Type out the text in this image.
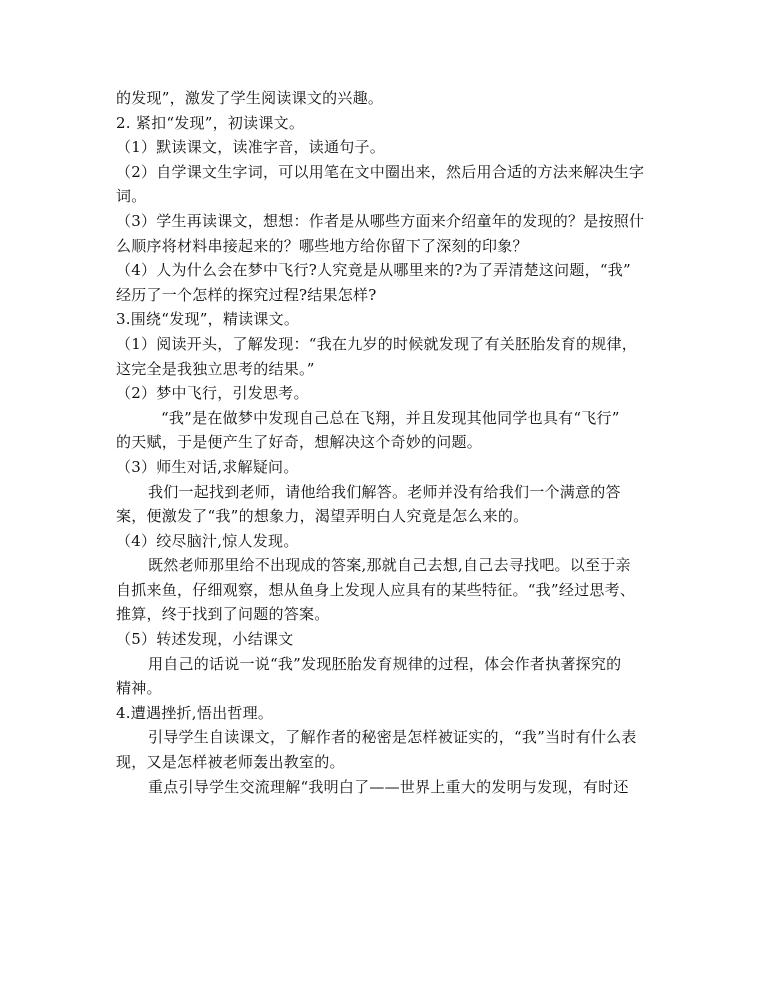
的发现”，激发了学生阅读课文的兴趣。
2. 紧扣“发现”，初读课文。
（1）默读课文，读准字音，读通句子。
（2）自学课文生字词，可以用笔在文中圈出来，然后用合适的方法来解决生字
词。
（3）学生再读课文，想想：作者是从哪些方面来介绍童年的发现的？是按照什
么顺序将材料串接起来的？哪些地方给你留下了深刻的印象？
（4）人为什么会在梦中飞行?人究竟是从哪里来的?为了弄清楚这问题，“我”
经历了一个怎样的探究过程?结果怎样?
3.围绕“发现”，精读课文。
（1）阅读开头，了解发现：“我在九岁的时候就发现了有关胚胎发育的规律，
这完全是我独立思考的结果。”
（2）梦中飞行，引发思考。
“我”是在做梦中发现自己总在飞翔，并且发现其他同学也具有“飞行”
的天赋，于是便产生了好奇，想解决这个奇妙的问题。
（3）师生对话,求解疑问。
我们一起找到老师，请他给我们解答。老师并没有给我们一个满意的答
案，便激发了“我”的想象力，渴望弄明白人究竟是怎么来的。
（4）绞尽脑汁,惊人发现。
既然老师那里给不出现成的答案,那就自己去想,自己去寻找吧。以至于亲
自抓来鱼，仔细观察，想从鱼身上发现人应具有的某些特征。“我”经过思考、
推算，终于找到了问题的答案。
（5）转述发现，小结课文
用自己的话说一说“我”发现胚胎发育规律的过程，体会作者执著探究的
精神。
4.遭遇挫折,悟出哲理。
引导学生自读课文，了解作者的秘密是怎样被证实的，“我”当时有什么表
现，又是怎样被老师轰出教室的。
重点引导学生交流理解“我明白了——世界上重大的发明与发现，有时还
